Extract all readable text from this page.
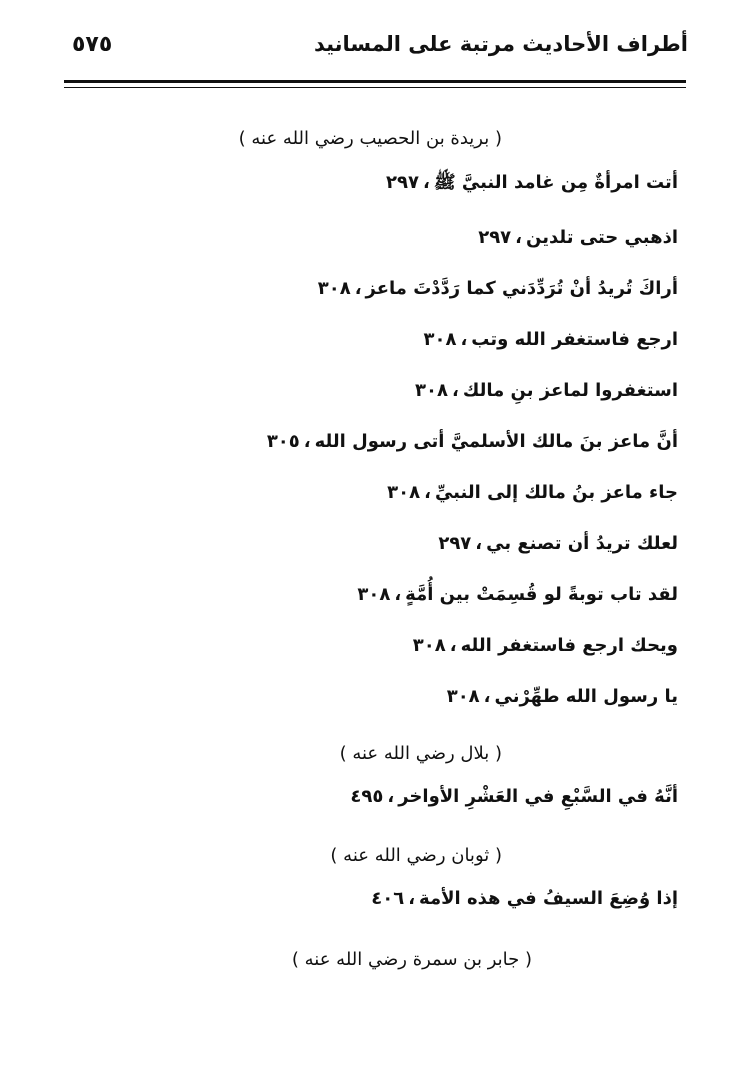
أطراف الأحاديث مرتبة على المسانيد
٥٧٥
( بريدة بن الحصيب رضي الله عنه )
أتت امرأةٌ مِن غامد النبيَّ ﷺ،٢٩٧
اذهبي حتى تلدين،٢٩٧
أراكَ تُريدُ أنْ تُرَدِّدَني كما رَدَّدْتَ ماعز،٣٠٨
ارجع فاستغفر الله وتب،٣٠٨
استغفروا لماعز بنِ مالك،٣٠٨
أنَّ ماعز بنَ مالك الأسلميَّ أتى رسول الله،٣٠٥
جاء ماعز بنُ مالك إلى النبيِّ،٣٠٨
لعلك تريدُ أن تصنع بي،٢٩٧
لقد تاب توبةً لو قُسِمَتْ بين أُمَّةٍ،٣٠٨
ويحك ارجع فاستغفر الله،٣٠٨
يا رسول الله طهِّرْني،٣٠٨
( بلال رضي الله عنه )
أنَّهُ في السَّبْعِ في العَشْرِ الأواخر،٤٩٥
( ثوبان رضي الله عنه )
إذا وُضِعَ السيفُ في هذه الأمة،٤٠٦
( جابر بن سمرة رضي الله عنه )
